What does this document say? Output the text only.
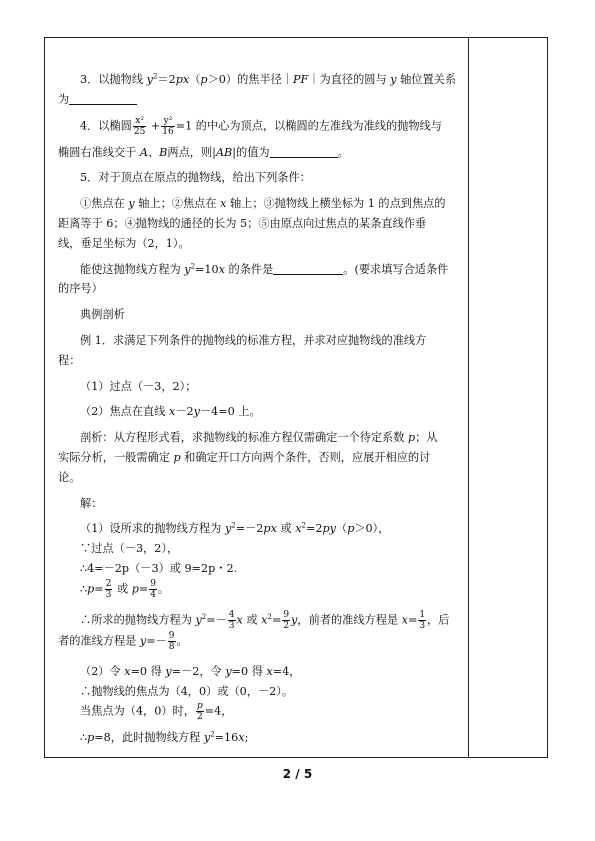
3．以抛物线 $y^2=2px(p>0)$的焦半径｜PF｜为直径的圆与 y 轴位置关系
为
4．以椭圆 $\frac{\text{x²}}{25} + \frac{\text{y²}}{16} =1$ 的中心为顶点，以椭圆的左准线为准线的抛物线与
椭圆右准线交于 A、B两点，则|AB|的值为	。
5．对于顶点在原点的抛物线，给出下列条件：
①焦点在 y 轴上；②焦点在 x 轴上；③抛物线上横坐标为 1 的点到焦点的
距离等于 6；④抛物线的通径的长为 5；⑤由原点向过焦点的某条直线作垂
线，垂足坐标为（2，1）。
能使这抛物线方程为 $y^2=10x$ 的条件是	。(要求填写合适条件
的序号）
典例剖析
例 1．求满足下列条件的抛物线的标准方程，并求对应抛物线的准线方
程：
（1）过点（－3，2）；
（2）焦点在直线 x－2y－4=0 上。
剖析：从方程形式看，求抛物线的标准方程仅需确定一个待定系数 p；从
实际分析，一般需确定 p 和确定开口方向两个条件，否则，应展开相应的讨
论。
解：
（1）设所求的抛物线方程为 $y^2=-2px$ 或 $x^2=2py(p>0)$，
∵过点（－3，2），
∴4=－2p（－3）或 9=2p・2.
∴p= $\frac{2}{3}$ 或 $p= \frac{9}{4}$ 。
∴所求的抛物线方程为 $y^2=- \frac{4}{3}$ x 或 $x^2= \frac{9}{2}$ y，前者的准线方程是 $x= \frac{1}{3}$ ，后
者的准线方程是 $y=- \frac{9}{8}$ 。
（2）令 x=0 得 y=－2，令 y=0 得 x=4，
∴抛物线的焦点为（4，0）或（0，－2）。
当焦点为（4，0）时， $\frac{p}{2} =4$，
∴p=8，此时抛物线方程 $y^2=16x$;
2 / 5
